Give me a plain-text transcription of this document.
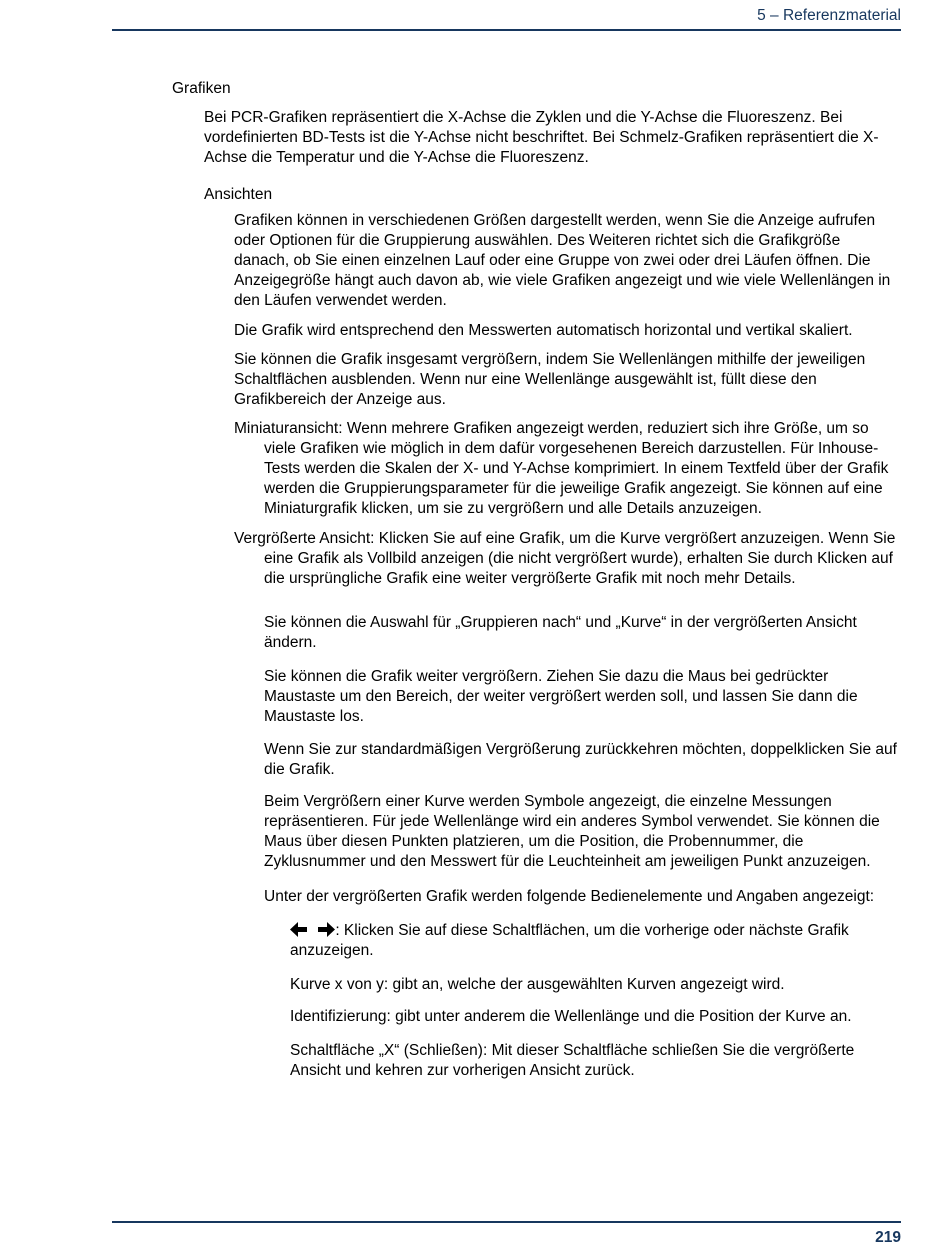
5 – Referenzmaterial
Grafiken

Bei PCR-Grafiken repräsentiert die X-Achse die Zyklen und die Y-Achse die Fluoreszenz. Bei vordefinierten BD-Tests ist die Y-Achse nicht beschriftet. Bei Schmelz-Grafiken repräsentiert die X-Achse die Temperatur und die Y-Achse die Fluoreszenz.

Ansichten

Grafiken können in verschiedenen Größen dargestellt werden, wenn Sie die Anzeige aufrufen oder Optionen für die Gruppierung auswählen. Des Weiteren richtet sich die Grafikgröße danach, ob Sie einen einzelnen Lauf oder eine Gruppe von zwei oder drei Läufen öffnen. Die Anzeigegröße hängt auch davon ab, wie viele Grafiken angezeigt und wie viele Wellenlängen in den Läufen verwendet werden.

Die Grafik wird entsprechend den Messwerten automatisch horizontal und vertikal skaliert.

Sie können die Grafik insgesamt vergrößern, indem Sie Wellenlängen mithilfe der jeweiligen Schaltflächen ausblenden. Wenn nur eine Wellenlänge ausgewählt ist, füllt diese den Grafikbereich der Anzeige aus.

Miniaturansicht: Wenn mehrere Grafiken angezeigt werden, reduziert sich ihre Größe, um so viele Grafiken wie möglich in dem dafür vorgesehenen Bereich darzustellen. Für Inhouse-Tests werden die Skalen der X- und Y-Achse komprimiert. In einem Textfeld über der Grafik werden die Gruppierungsparameter für die jeweilige Grafik angezeigt. Sie können auf eine Miniaturgrafik klicken, um sie zu vergrößern und alle Details anzuzeigen.

Vergrößerte Ansicht: Klicken Sie auf eine Grafik, um die Kurve vergrößert anzuzeigen. Wenn Sie eine Grafik als Vollbild anzeigen (die nicht vergrößert wurde), erhalten Sie durch Klicken auf die ursprüngliche Grafik eine weiter vergrößerte Grafik mit noch mehr Details.

Sie können die Auswahl für „Gruppieren nach“ und „Kurve“ in der vergrößerten Ansicht ändern.

Sie können die Grafik weiter vergrößern. Ziehen Sie dazu die Maus bei gedrückter Maustaste um den Bereich, der weiter vergrößert werden soll, und lassen Sie dann die Maustaste los.

Wenn Sie zur standardmäßigen Vergrößerung zurückkehren möchten, doppelklicken Sie auf die Grafik.

Beim Vergrößern einer Kurve werden Symbole angezeigt, die einzelne Messungen repräsentieren. Für jede Wellenlänge wird ein anderes Symbol verwendet. Sie können die Maus über diesen Punkten platzieren, um die Position, die Probennummer, die Zyklusnummer und den Messwert für die Leuchteinheit am jeweiligen Punkt anzuzeigen.

Unter der vergrößerten Grafik werden folgende Bedienelemente und Angaben angezeigt:

: Klicken Sie auf diese Schaltflächen, um die vorherige oder nächste Grafik anzuzeigen.

Kurve x von y: gibt an, welche der ausgewählten Kurven angezeigt wird.

Identifizierung: gibt unter anderem die Wellenlänge und die Position der Kurve an.

Schaltfläche „X“ (Schließen): Mit dieser Schaltfläche schließen Sie die vergrößerte Ansicht und kehren zur vorherigen Ansicht zurück.

219
